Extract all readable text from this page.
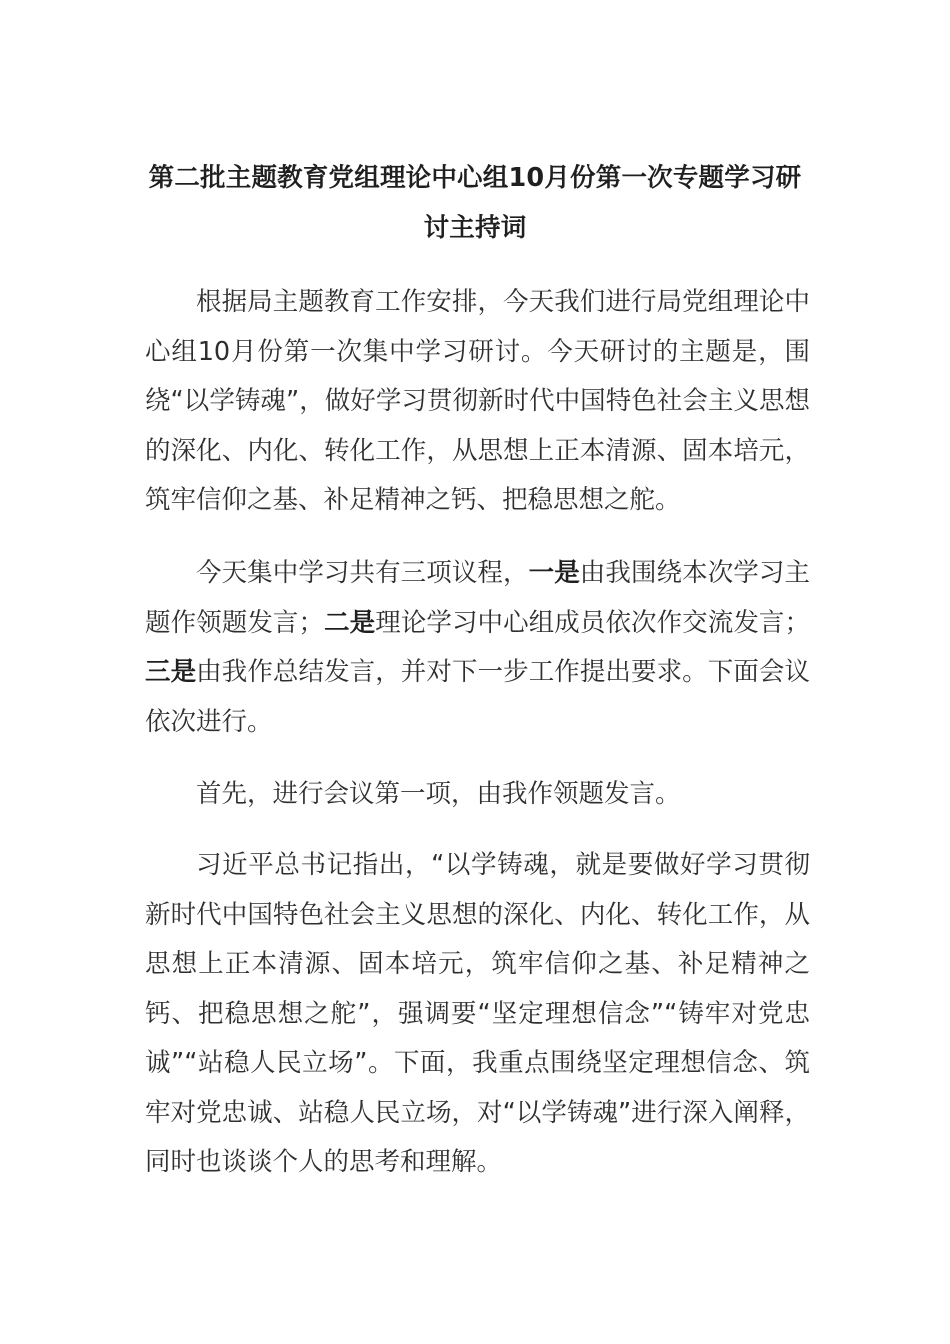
第二批主题教育党组理论中心组10月份第一次专题学习研讨主持词

根据局主题教育工作安排，今天我们进行局党组理论中心组10月份第一次集中学习研讨。今天研讨的主题是，围绕“以学铸魂”，做好学习贯彻新时代中国特色社会主义思想的深化、内化、转化工作，从思想上正本清源、固本培元，筑牢信仰之基、补足精神之钙、把稳思想之舵。

今天集中学习共有三项议程，一是由我围绕本次学习主题作领题发言；二是理论学习中心组成员依次作交流发言；三是由我作总结发言，并对下一步工作提出要求。下面会议依次进行。

首先，进行会议第一项，由我作领题发言。

习近平总书记指出，“以学铸魂，就是要做好学习贯彻新时代中国特色社会主义思想的深化、内化、转化工作，从思想上正本清源、固本培元，筑牢信仰之基、补足精神之钙、把稳思想之舵”，强调要“坚定理想信念”“铸牢对党忠诚”“站稳人民立场”。下面，我重点围绕坚定理想信念、筑牢对党忠诚、站稳人民立场，对“以学铸魂”进行深入阐释，同时也谈谈个人的思考和理解。
